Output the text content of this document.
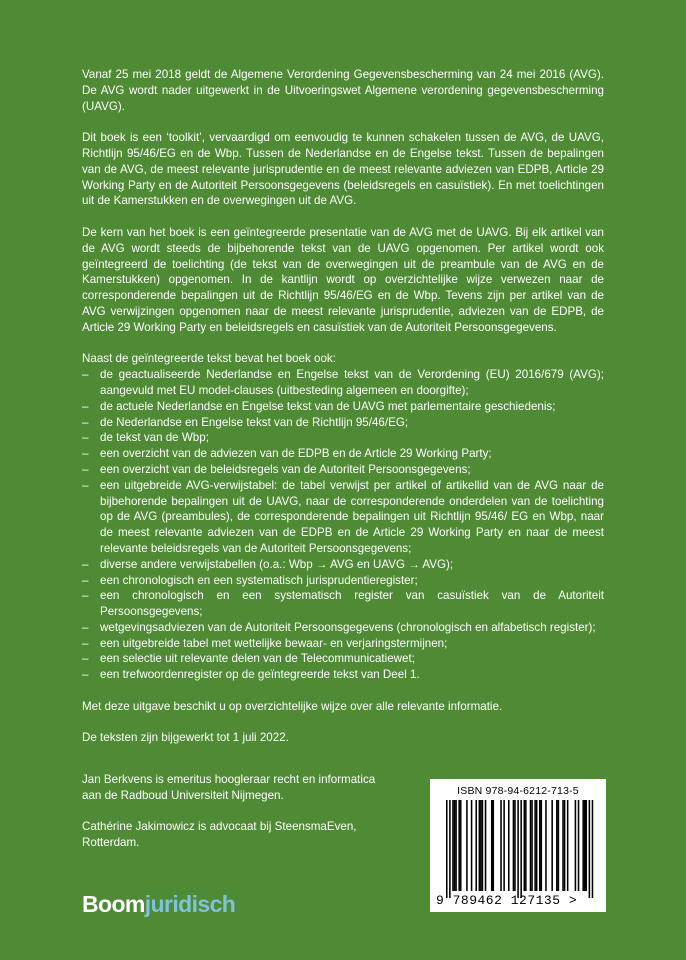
Vanaf 25 mei 2018 geldt de Algemene Verordening Gegevensbescherming van 24 mei 2016 (AVG). De AVG wordt nader uitgewerkt in de Uitvoeringswet Algemene verordening gegevensbescherming (UAVG).

Dit boek is een ‘toolkit’, vervaardigd om eenvoudig te kunnen schakelen tussen de AVG, de UAVG, Richtlijn 95/46/EG en de Wbp. Tussen de Nederlandse en de Engelse tekst. Tussen de bepalingen van de AVG, de meest relevante jurisprudentie en de meest relevante adviezen van EDPB, Article 29 Working Party en de Autoriteit Persoonsgegevens (beleidsregels en casuïstiek). En met toelichtingen uit de Kamerstukken en de overwegingen uit de AVG.

De kern van het boek is een geïntegreerde presentatie van de AVG met de UAVG. Bij elk artikel van de AVG wordt steeds de bijbehorende tekst van de UAVG opgenomen. Per artikel wordt ook geïntegreerd de toelichting (de tekst van de overwegingen uit de preambule van de AVG en de Kamerstukken) opgenomen. In de kantlijn wordt op overzichtelijke wijze verwezen naar de corresponderende bepalingen uit de Richtlijn 95/46/EG en de Wbp. Tevens zijn per artikel van de AVG verwijzingen opgenomen naar de meest relevante jurisprudentie, adviezen van de EDPB, de Article 29 Working Party en beleidsregels en casuïstiek van de Autoriteit Persoonsgegevens.

Naast de geïntegreerde tekst bevat het boek ook:

– de geactualiseerde Nederlandse en Engelse tekst van de Verordening (EU) 2016/679 (AVG); aangevuld met EU model-clauses (uitbesteding algemeen en doorgifte);
– de actuele Nederlandse en Engelse tekst van de UAVG met parlementaire geschiedenis;
– de Nederlandse en Engelse tekst van de Richtlijn 95/46/EG;
– de tekst van de Wbp;
– een overzicht van de adviezen van de EDPB en de Article 29 Working Party;
– een overzicht van de beleidsregels van de Autoriteit Persoonsgegevens;
– een uitgebreide AVG-verwijstabel: de tabel verwijst per artikel of artikellid van de AVG naar de bijbehorende bepalingen uit de UAVG, naar de corresponderende onderdelen van de toelichting op de AVG (preambules), de corresponderende bepalingen uit Richtlijn 95/46/ EG en Wbp, naar de meest relevante adviezen van de EDPB en de Article 29 Working Party en naar de meest relevante beleidsregels van de Autoriteit Persoonsgegevens;
– diverse andere verwijstabellen (o.a.: Wbp → AVG en UAVG → AVG);
– een chronologisch en een systematisch jurisprudentieregister;
– een chronologisch en een systematisch register van casuïstiek van de Autoriteit Persoonsgegevens;
– wetgevingsadviezen van de Autoriteit Persoonsgegevens (chronologisch en alfabetisch register);
– een uitgebreide tabel met wettelijke bewaar- en verjaringstermijnen;
– een selectie uit relevante delen van de Telecommunicatiewet;
– een trefwoordenregister op de geïntegreerde tekst van Deel 1.

Met deze uitgave beschikt u op overzichtelijke wijze over alle relevante informatie.

De teksten zijn bijgewerkt tot 1 juli 2022.

Jan Berkvens is emeritus hoogleraar recht en informatica
aan de Radboud Universiteit Nijmegen.

Cathérine Jakimowicz is advocaat bij SteensmaEven,
Rotterdam.

Boomjuridisch
ISBN 978-94-6212-713-5
9 789462 127135 >
